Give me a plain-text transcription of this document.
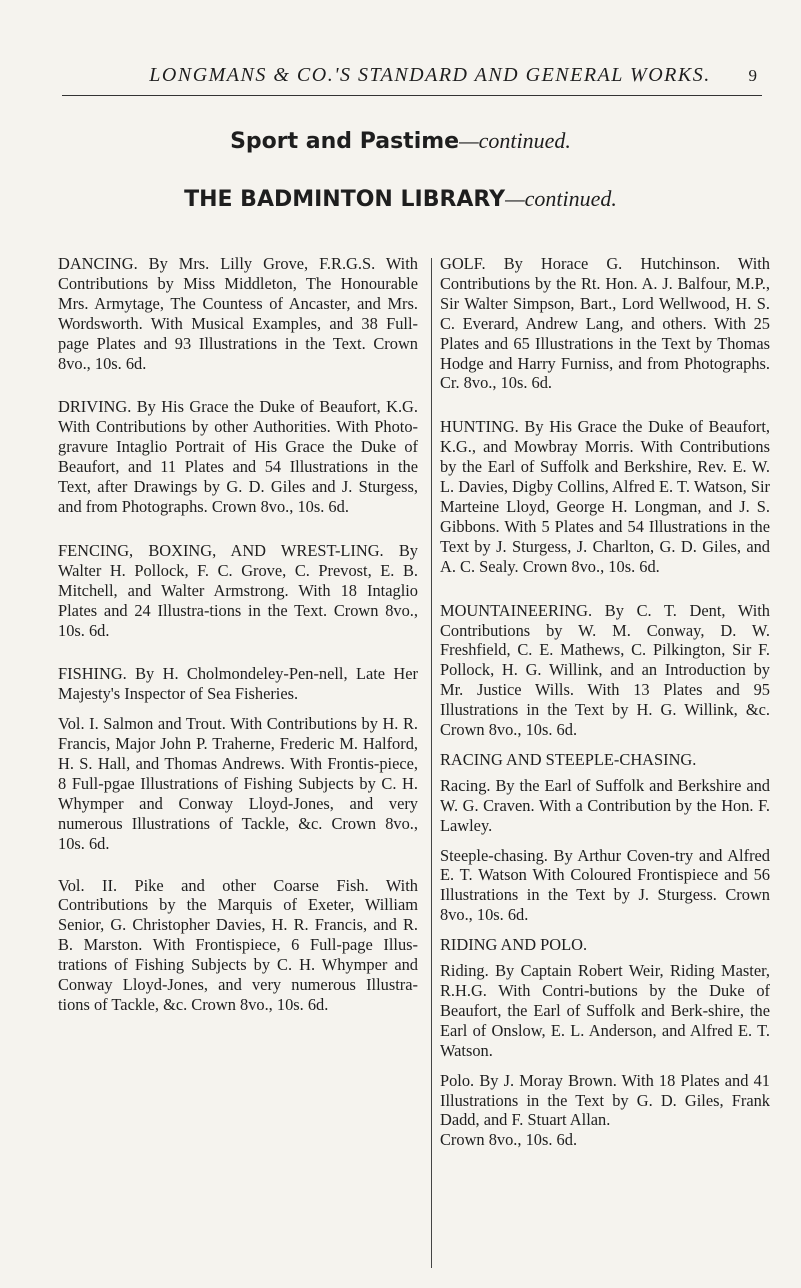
LONGMANS & CO.'S STANDARD AND GENERAL WORKS.	9
Sport and Pastime—continued.
THE BADMINTON LIBRARY—continued.

DANCING. By Mrs. Lilly Grove, F.R.G.S. With Contributions by Miss Middleton, The Honourable Mrs. Armytage, The Countess of Ancaster, and Mrs. Wordsworth. With Musical Examples, and 38 Full-page Plates and 93 Illustrations in the Text. Crown 8vo., 10s. 6d.

DRIVING. By His Grace the Duke of Beaufort, K.G. With Contributions by other Authorities. With Photo-gravure Intaglio Portrait of His Grace the Duke of Beaufort, and 11 Plates and 54 Illustrations in the Text, after Drawings by G. D. Giles and J. Sturgess, and from Photographs. Crown 8vo., 10s. 6d.

FENCING, BOXING, AND WREST-LING. By Walter H. Pollock, F. C. Grove, C. Prevost, E. B. Mitchell, and Walter Armstrong. With 18 Intaglio Plates and 24 Illustra-tions in the Text. Crown 8vo., 10s. 6d.

FISHING. By H. Cholmondeley-Pen-nell, Late Her Majesty's Inspector of Sea Fisheries.

Vol. I. Salmon and Trout. With Contributions by H. R. Francis, Major John P. Traherne, Frederic M. Halford, H. S. Hall, and Thomas Andrews. With Frontis-piece, 8 Full-pgae Illustrations of Fishing Subjects by C. H. Whymper and Conway Lloyd-Jones, and very numerous Illustrations of Tackle, &c. Crown 8vo., 10s. 6d.

Vol. II. Pike and other Coarse Fish. With Contributions by the Marquis of Exeter, William Senior, G. Christopher Davies, H. R. Francis, and R. B. Marston. With Frontispiece, 6 Full-page Illus-trations of Fishing Subjects by C. H. Whymper and Conway Lloyd-Jones, and very numerous Illustra-tions of Tackle, &c. Crown 8vo., 10s. 6d.

GOLF. By Horace G. Hutchinson. With Contributions by the Rt. Hon. A. J. Balfour, M.P., Sir Walter Simpson, Bart., Lord Wellwood, H. S. C. Everard, Andrew Lang, and others. With 25 Plates and 65 Illustrations in the Text by Thomas Hodge and Harry Furniss, and from Photographs. Cr. 8vo., 10s. 6d.

HUNTING. By His Grace the Duke of Beaufort, K.G., and Mowbray Morris. With Contributions by the Earl of Suffolk and Berkshire, Rev. E. W. L. Davies, Digby Collins, Alfred E. T. Watson, Sir Marteine Lloyd, George H. Longman, and J. S. Gibbons. With 5 Plates and 54 Illustrations in the Text by J. Sturgess, J. Charlton, G. D. Giles, and A. C. Sealy. Crown 8vo., 10s. 6d.

MOUNTAINEERING. By C. T. Dent, With Contributions by W. M. Conway, D. W. Freshfield, C. E. Mathews, C. Pilkington, Sir F. Pollock, H. G. Willink, and an Introduction by Mr. Justice Wills. With 13 Plates and 95 Illustrations in the Text by H. G. Willink, &c. Crown 8vo., 10s. 6d.

RACING AND STEEPLE-CHASING.

Racing. By the Earl of Suffolk and Berkshire and W. G. Craven. With a Contribution by the Hon. F. Lawley.

Steeple-chasing. By Arthur Coven-try and Alfred E. T. Watson With Coloured Frontispiece and 56 Illustrations in the Text by J. Sturgess. Crown 8vo., 10s. 6d.

RIDING AND POLO.

Riding. By Captain Robert Weir, Riding Master, R.H.G. With Contri-butions by the Duke of Beaufort, the Earl of Suffolk and Berk-shire, the Earl of Onslow, E. L. Anderson, and Alfred E. T. Watson.

Polo. By J. Moray Brown. With 18 Plates and 41 Illustrations in the Text by G. D. Giles, Frank Dadd, and F. Stuart Allan.

Crown 8vo., 10s. 6d.
